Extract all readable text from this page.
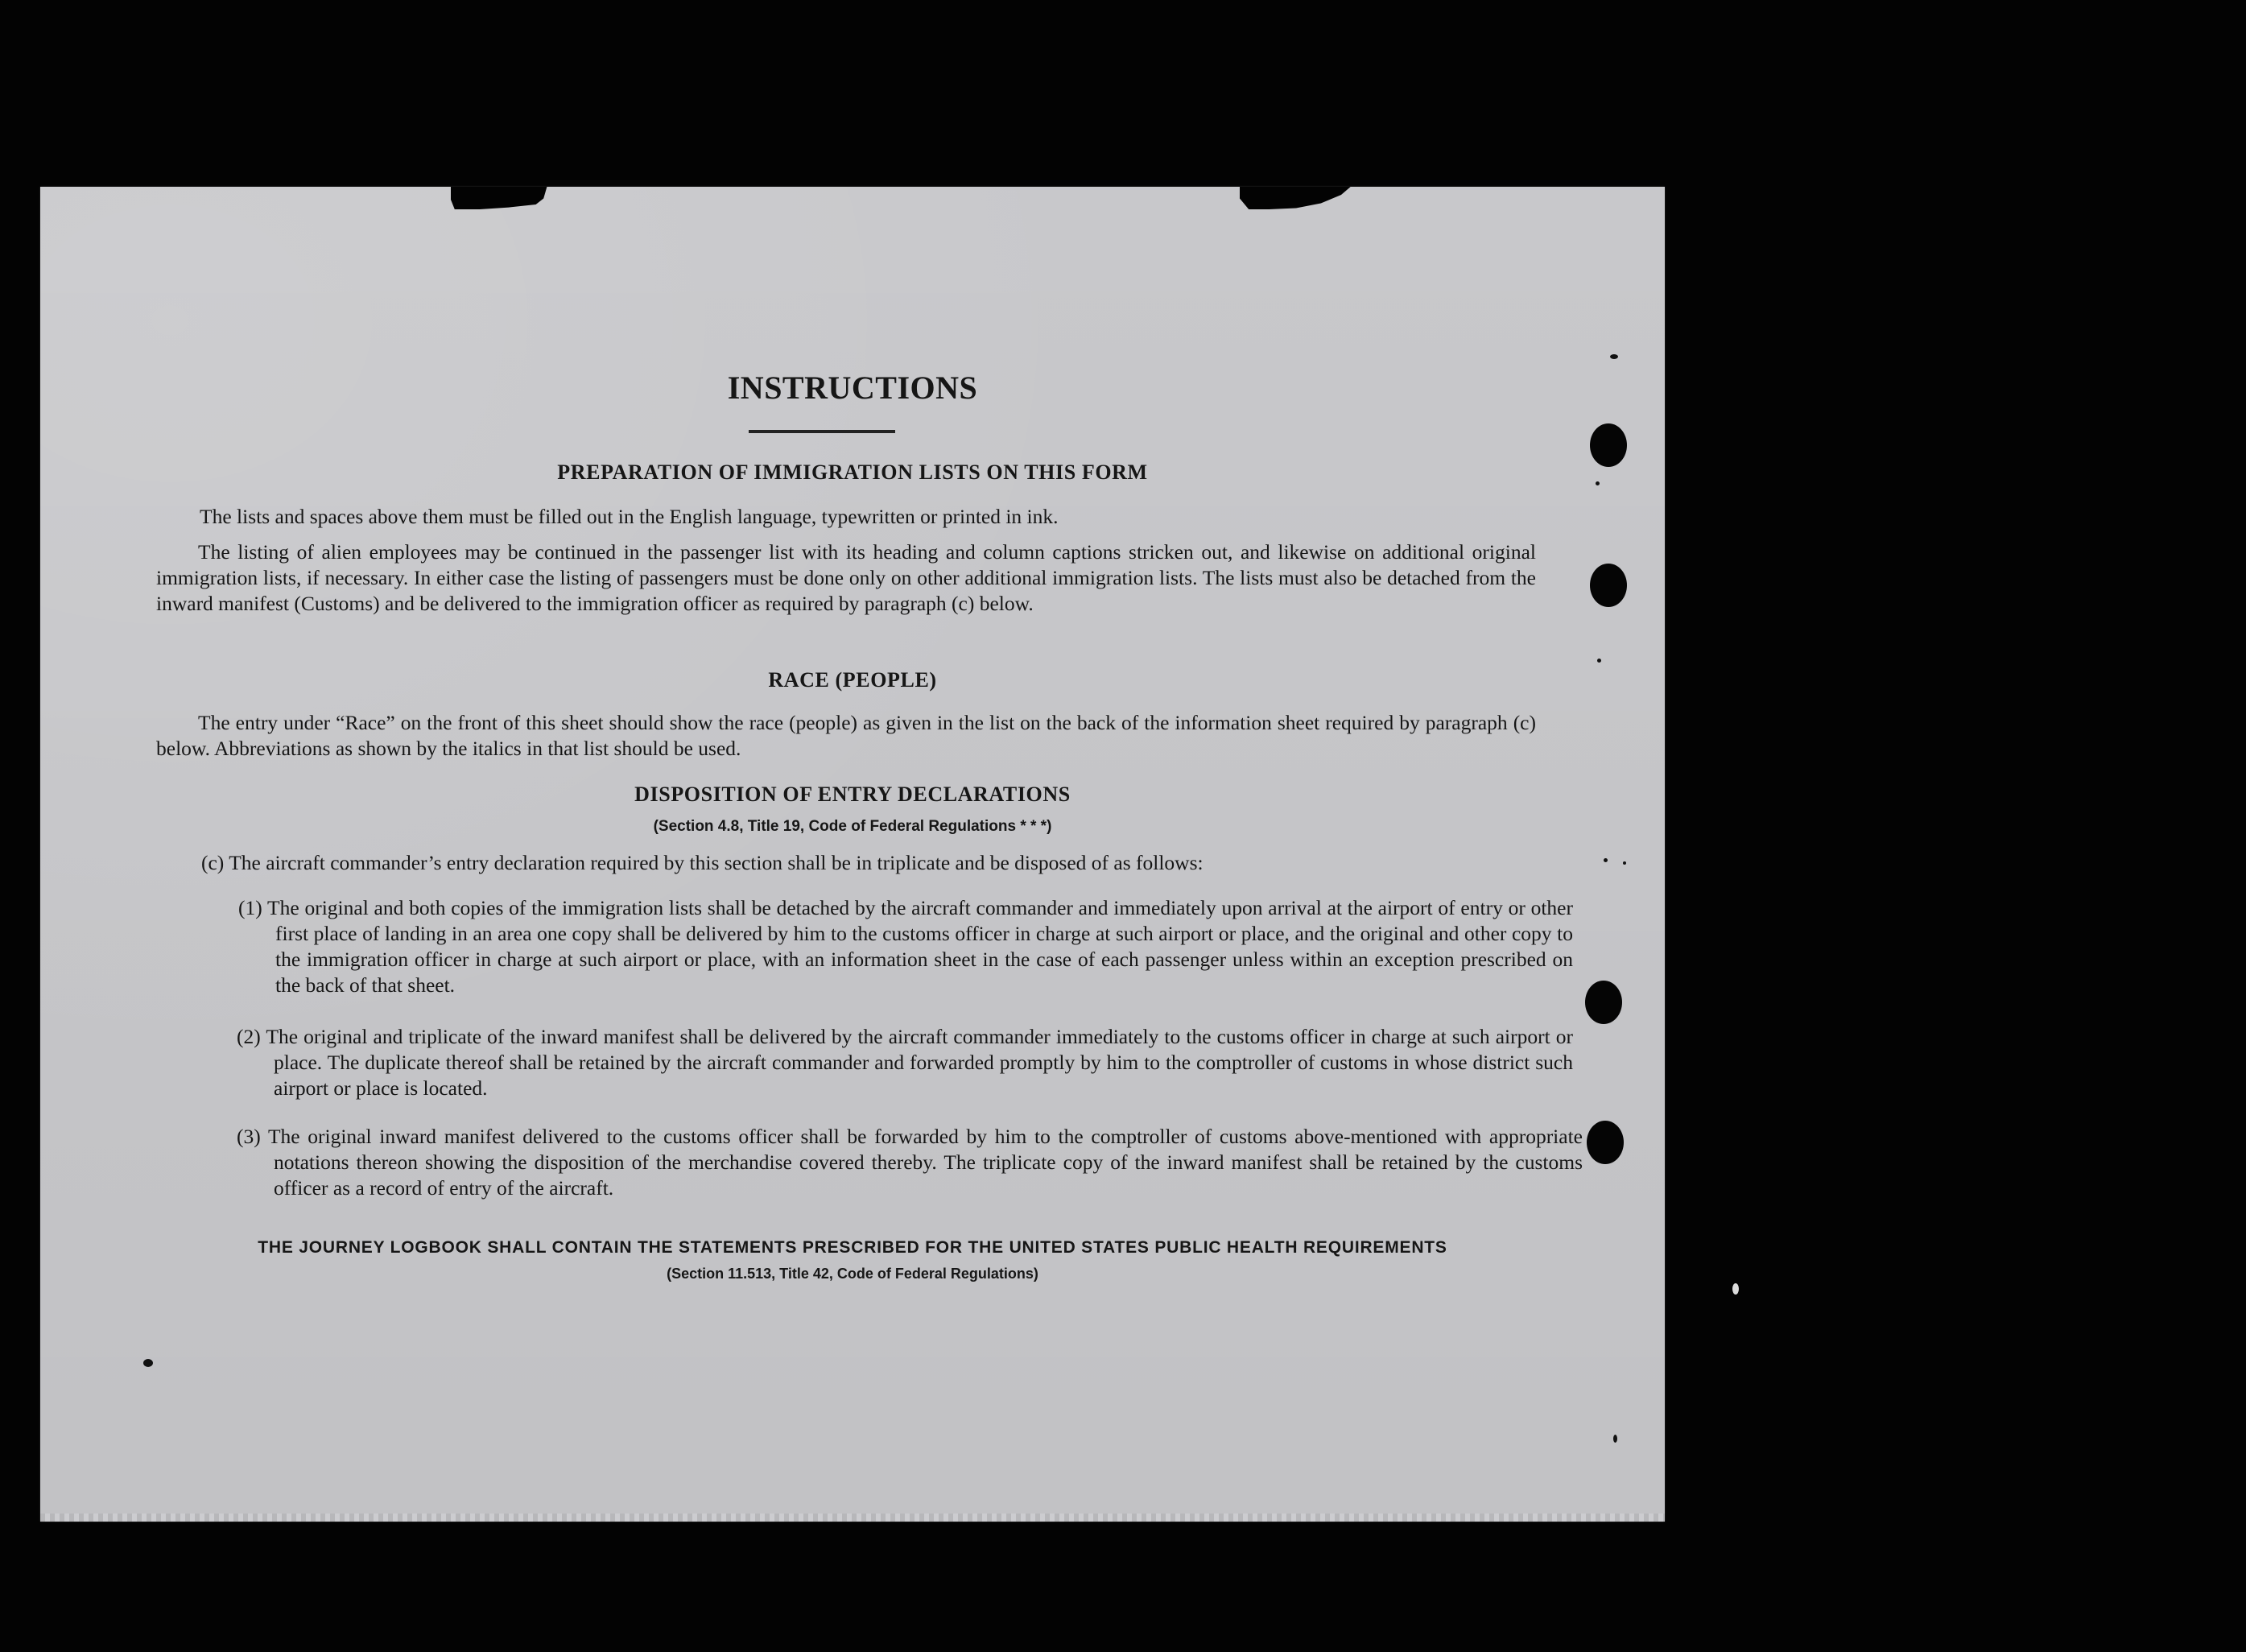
INSTRUCTIONS
PREPARATION OF IMMIGRATION LISTS ON THIS FORM
The lists and spaces above them must be filled out in the English language, typewritten or printed in ink.
The listing of alien employees may be continued in the passenger list with its heading and column captions stricken out, and likewise on additional original immigration lists, if necessary. In either case the listing of passengers must be done only on other additional immigration lists. The lists must also be detached from the inward manifest (Customs) and be delivered to the immigration officer as required by paragraph (c) below.
RACE (PEOPLE)
The entry under “Race” on the front of this sheet should show the race (people) as given in the list on the back of the information sheet required by paragraph (c) below. Abbreviations as shown by the italics in that list should be used.
DISPOSITION OF ENTRY DECLARATIONS
(Section 4.8, Title 19, Code of Federal Regulations * * *)
(c) The aircraft commander’s entry declaration required by this section shall be in triplicate and be disposed of as follows:
(1) The original and both copies of the immigration lists shall be detached by the aircraft commander and immediately upon arrival at the airport of entry or other first place of landing in an area one copy shall be delivered by him to the customs officer in charge at such airport or place, and the original and other copy to the immigration officer in charge at such airport or place, with an information sheet in the case of each passenger unless within an exception prescribed on the back of that sheet.
(2) The original and triplicate of the inward manifest shall be delivered by the aircraft commander immediately to the customs officer in charge at such airport or place. The duplicate thereof shall be retained by the aircraft commander and forwarded promptly by him to the comptroller of customs in whose district such airport or place is located.
(3) The original inward manifest delivered to the customs officer shall be forwarded by him to the comptroller of customs above-mentioned with appropriate notations thereon showing the disposition of the merchandise covered thereby. The triplicate copy of the inward manifest shall be retained by the customs officer as a record of entry of the aircraft.
THE JOURNEY LOGBOOK SHALL CONTAIN THE STATEMENTS PRESCRIBED FOR THE UNITED STATES PUBLIC HEALTH REQUIREMENTS
(Section 11.513, Title 42, Code of Federal Regulations)
